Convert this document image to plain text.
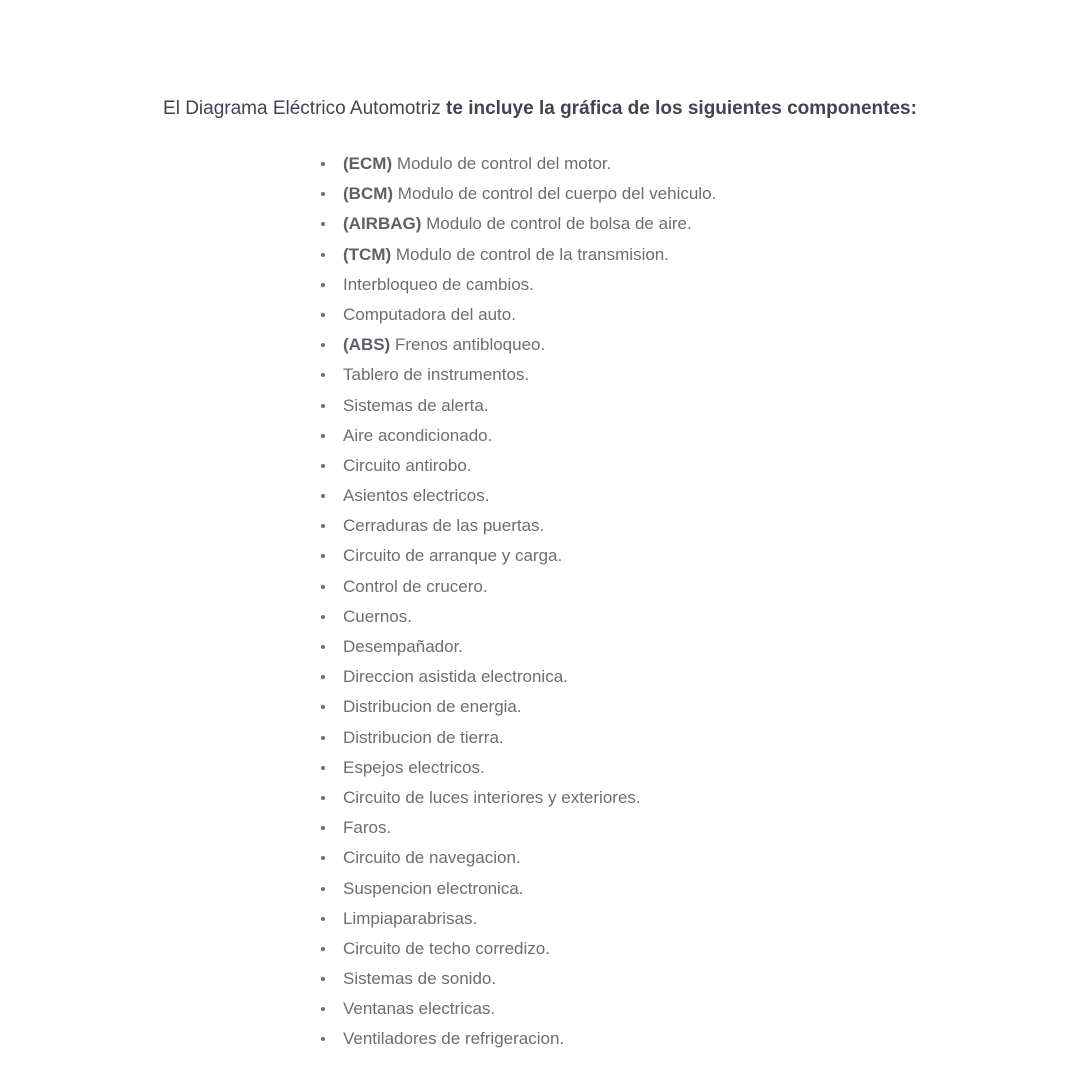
El Diagrama Eléctrico Automotriz te incluye la gráfica de los siguientes componentes:

(ECM) Modulo de control del motor.
(BCM) Modulo de control del cuerpo del vehiculo.
(AIRBAG) Modulo de control de bolsa de aire.
(TCM) Modulo de control de la transmision.
Interbloqueo de cambios.
Computadora del auto.
(ABS) Frenos antibloqueo.
Tablero de instrumentos.
Sistemas de alerta.
Aire acondicionado.
Circuito antirobo.
Asientos electricos.
Cerraduras de las puertas.
Circuito de arranque y carga.
Control de crucero.
Cuernos.
Desempañador.
Direccion asistida electronica.
Distribucion de energia.
Distribucion de tierra.
Espejos electricos.
Circuito de luces interiores y exteriores.
Faros.
Circuito de navegacion.
Suspencion electronica.
Limpiaparabrisas.
Circuito de techo corredizo.
Sistemas de sonido.
Ventanas electricas.
Ventiladores de refrigeracion.
